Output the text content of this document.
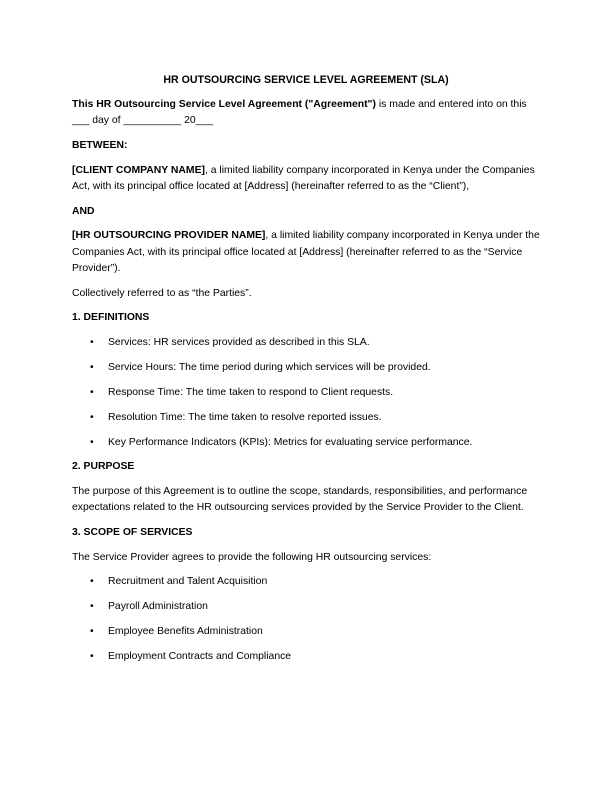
HR OUTSOURCING SERVICE LEVEL AGREEMENT (SLA)

This HR Outsourcing Service Level Agreement ("Agreement") is made and entered into on this ___ day of __________ 20___

BETWEEN:

[CLIENT COMPANY NAME], a limited liability company incorporated in Kenya under the Companies Act, with its principal office located at [Address] (hereinafter referred to as the “Client”),

AND

[HR OUTSOURCING PROVIDER NAME], a limited liability company incorporated in Kenya under the Companies Act, with its principal office located at [Address] (hereinafter referred to as the “Service Provider”).

Collectively referred to as “the Parties”.

1. DEFINITIONS
• Services: HR services provided as described in this SLA.
• Service Hours: The time period during which services will be provided.
• Response Time: The time taken to respond to Client requests.
• Resolution Time: The time taken to resolve reported issues.
• Key Performance Indicators (KPIs): Metrics for evaluating service performance.
2. PURPOSE

The purpose of this Agreement is to outline the scope, standards, responsibilities, and performance expectations related to the HR outsourcing services provided by the Service Provider to the Client.

3. SCOPE OF SERVICES

The Service Provider agrees to provide the following HR outsourcing services:

• Recruitment and Talent Acquisition
• Payroll Administration
• Employee Benefits Administration
• Employment Contracts and Compliance
